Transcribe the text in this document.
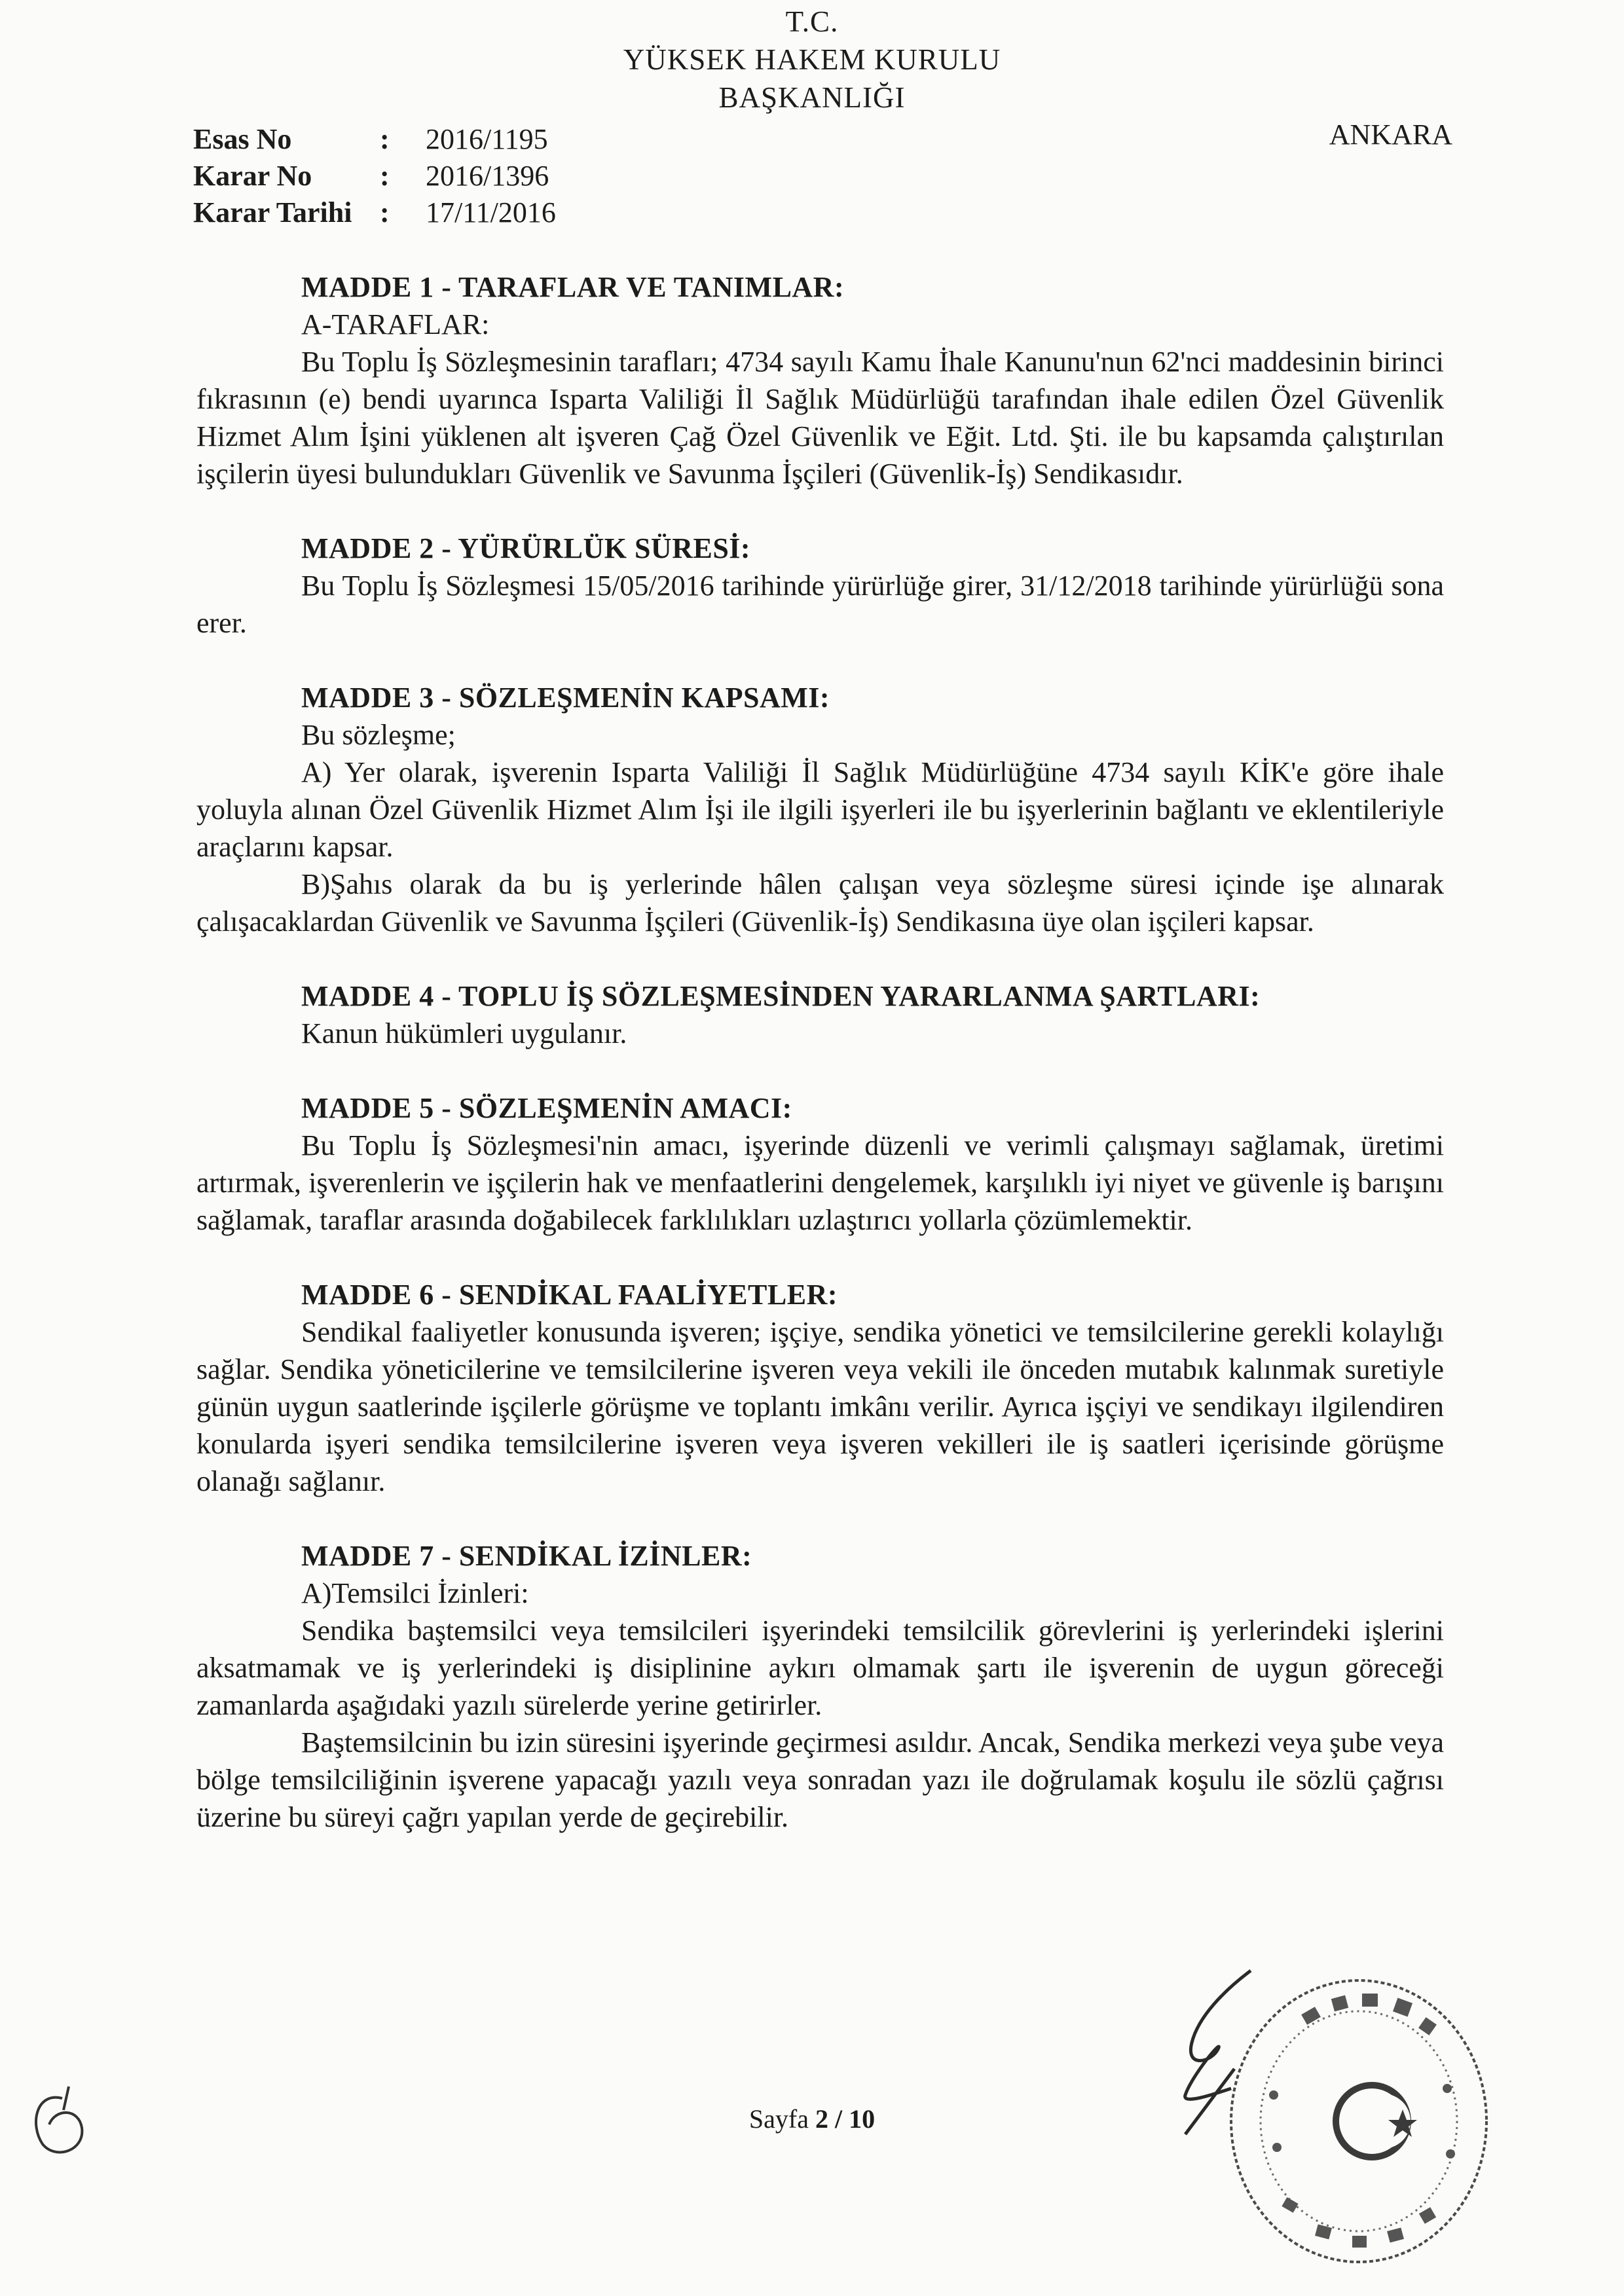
T.C.
YÜKSEK HAKEM KURULU
BAŞKANLIĞI
Esas No	:	2016/1195
Karar No	:	2016/1396
Karar Tarihi :	17/11/2016
ANKARA
MADDE 1 - TARAFLAR VE TANIMLAR:
A-TARAFLAR:
Bu Toplu İş Sözleşmesinin tarafları; 4734 sayılı Kamu İhale Kanunu'nun 62'nci maddesinin birinci fıkrasının (e) bendi uyarınca Isparta Valiliği İl Sağlık Müdürlüğü tarafından ihale edilen Özel Güvenlik Hizmet Alım İşini yüklenen alt işveren Çağ Özel Güvenlik ve Eğit. Ltd. Şti. ile bu kapsamda çalıştırılan işçilerin üyesi bulundukları Güvenlik ve Savunma İşçileri (Güvenlik-İş) Sendikasıdır.
MADDE 2 - YÜRÜRLÜK SÜRESİ:
Bu Toplu İş Sözleşmesi 15/05/2016 tarihinde yürürlüğe girer, 31/12/2018 tarihinde yürürlüğü sona erer.
MADDE 3 - SÖZLEŞMENİN KAPSAMI:
Bu sözleşme;
A) Yer olarak, işverenin Isparta Valiliği İl Sağlık Müdürlüğüne 4734 sayılı KİK'e göre ihale yoluyla alınan Özel Güvenlik Hizmet Alım İşi ile ilgili işyerleri ile bu işyerlerinin bağlantı ve eklentileriyle araçlarını kapsar.
B)Şahıs olarak da bu iş yerlerinde hâlen çalışan veya sözleşme süresi içinde işe alınarak çalışacaklardan Güvenlik ve Savunma İşçileri (Güvenlik-İş) Sendikasına üye olan işçileri kapsar.
MADDE 4 - TOPLU İŞ SÖZLEŞMESİNDEN YARARLANMA ŞARTLARI:
Kanun hükümleri uygulanır.
MADDE 5 - SÖZLEŞMENİN AMACI:
Bu Toplu İş Sözleşmesi'nin amacı, işyerinde düzenli ve verimli çalışmayı sağlamak, üretimi artırmak, işverenlerin ve işçilerin hak ve menfaatlerini dengelemek, karşılıklı iyi niyet ve güvenle iş barışını sağlamak, taraflar arasında doğabilecek farklılıkları uzlaştırıcı yollarla çözümlemektir.
MADDE 6 - SENDİKAL FAALİYETLER:
Sendikal faaliyetler konusunda işveren; işçiye, sendika yönetici ve temsilcilerine gerekli kolaylığı sağlar. Sendika yöneticilerine ve temsilcilerine işveren veya vekili ile önceden mutabık kalınmak suretiyle günün uygun saatlerinde işçilerle görüşme ve toplantı imkânı verilir. Ayrıca işçiyi ve sendikayı ilgilendiren konularda işyeri sendika temsilcilerine işveren veya işveren vekilleri ile iş saatleri içerisinde görüşme olanağı sağlanır.
MADDE 7 - SENDİKAL İZİNLER:
A)Temsilci İzinleri:
Sendika baştemsilci veya temsilcileri işyerindeki temsilcilik görevlerini iş yerlerindeki işlerini aksatmamak ve iş yerlerindeki iş disiplinine aykırı olmamak şartı ile işverenin de uygun göreceği zamanlarda aşağıdaki yazılı sürelerde yerine getirirler.
Baştemsilcinin bu izin süresini işyerinde geçirmesi asıldır. Ancak, Sendika merkezi veya şube veya bölge temsilciliğinin işverene yapacağı yazılı veya sonradan yazı ile doğrulamak koşulu ile sözlü çağrısı üzerine bu süreyi çağrı yapılan yerde de geçirebilir.
Sayfa 2 / 10
